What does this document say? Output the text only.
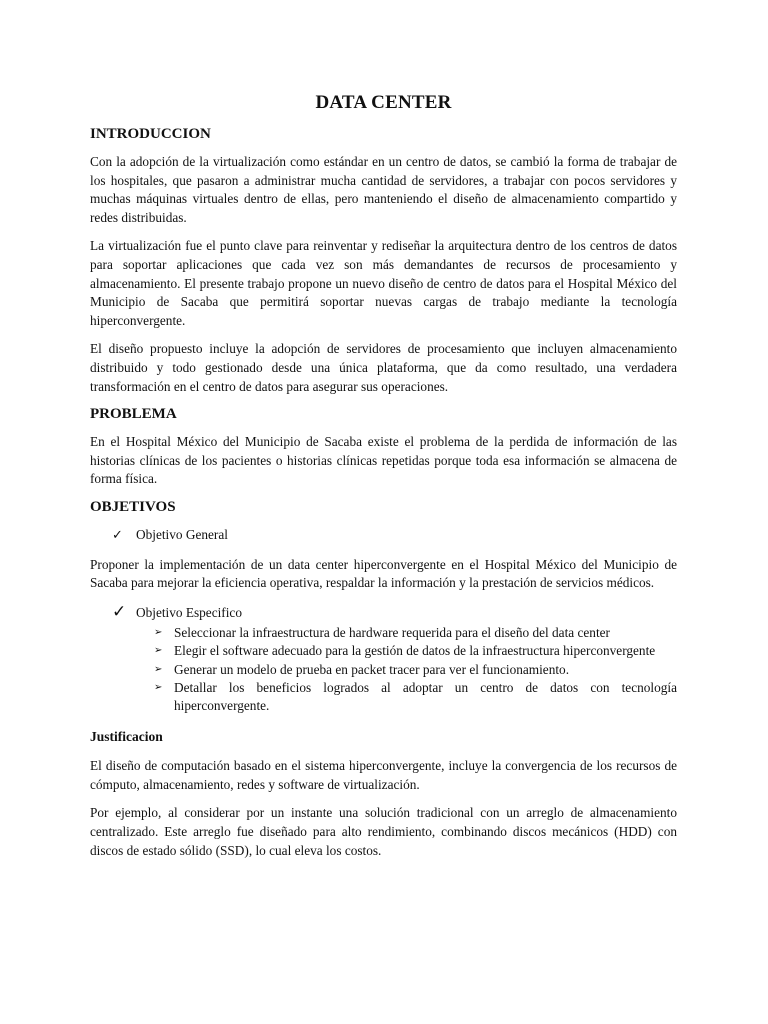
DATA CENTER
INTRODUCCION

Con la adopción de la virtualización como estándar en un centro de datos, se cambió la forma de trabajar de los hospitales, que pasaron a administrar mucha cantidad de servidores, a trabajar con pocos servidores y muchas máquinas virtuales dentro de ellas, pero manteniendo el diseño de almacenamiento compartido y redes distribuidas.

La virtualización fue el punto clave para reinventar y rediseñar la arquitectura dentro de los centros de datos para soportar aplicaciones que cada vez son más demandantes de recursos de procesamiento y almacenamiento. El presente trabajo propone un nuevo diseño de centro de datos para el Hospital México del Municipio de Sacaba que permitirá soportar nuevas cargas de trabajo mediante la tecnología hiperconvergente.

El diseño propuesto incluye la adopción de servidores de procesamiento que incluyen almacenamiento distribuido y todo gestionado desde una única plataforma, que da como resultado, una verdadera transformación en el centro de datos para asegurar sus operaciones.

PROBLEMA

En el Hospital México del Municipio de Sacaba existe el problema de la perdida de información de las historias clínicas de los pacientes o historias clínicas repetidas porque toda esa información se almacena de forma física.

OBJETIVOS
✓ Objetivo General

Proponer la implementación de un data center hiperconvergente en el Hospital México del Municipio de Sacaba para mejorar la eficiencia operativa, respaldar la información y la prestación de servicios médicos.

✓ Objetivo Especifico
➢ Seleccionar la infraestructura de hardware requerida para el diseño del data center
➢ Elegir el software adecuado para la gestión de datos de la infraestructura hiperconvergente
➢ Generar un modelo de prueba en packet tracer para ver el funcionamiento.
➢ Detallar los beneficios logrados al adoptar un centro de datos con tecnología hiperconvergente.
Justificacion

El diseño de computación basado en el sistema hiperconvergente, incluye la convergencia de los recursos de cómputo, almacenamiento, redes y software de virtualización.

Por ejemplo, al considerar por un instante una solución tradicional con un arreglo de almacenamiento centralizado. Este arreglo fue diseñado para alto rendimiento, combinando discos mecánicos (HDD) con discos de estado sólido (SSD), lo cual eleva los costos.
